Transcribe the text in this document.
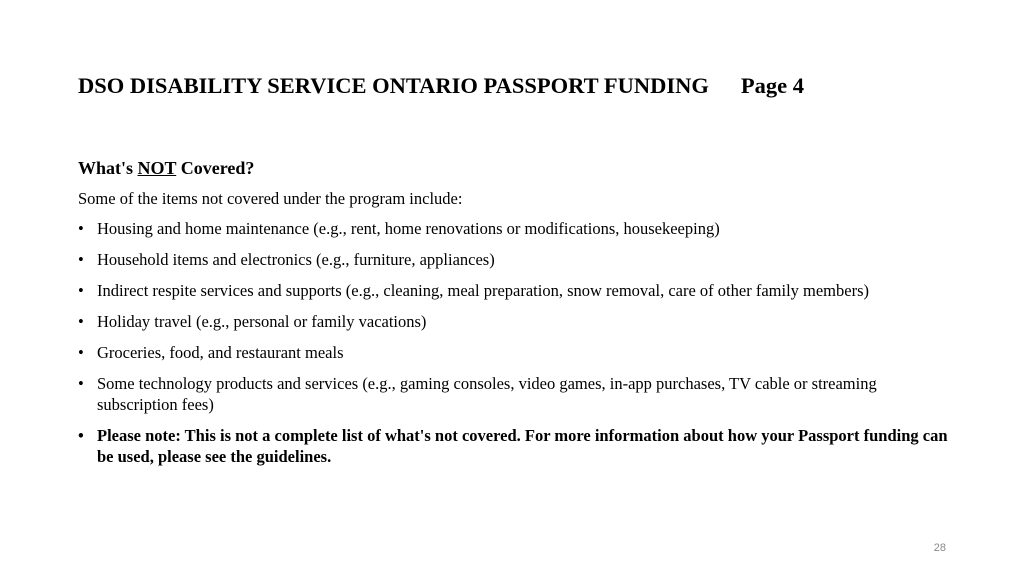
DSO DISABILITY SERVICE ONTARIO PASSPORT FUNDING Page 4
What's NOT Covered?
Some of the items not covered under the program include:
• Housing and home maintenance (e.g., rent, home renovations or modifications, housekeeping)
• Household items and electronics (e.g., furniture, appliances)
• Indirect respite services and supports (e.g., cleaning, meal preparation, snow removal, care of other family members)
• Holiday travel (e.g., personal or family vacations)
• Groceries, food, and restaurant meals
• Some technology products and services (e.g., gaming consoles, video games, in-app purchases, TV cable or streaming subscription fees)
• Please note: This is not a complete list of what's not covered. For more information about how your Passport funding can be used, please see the guidelines.
28
